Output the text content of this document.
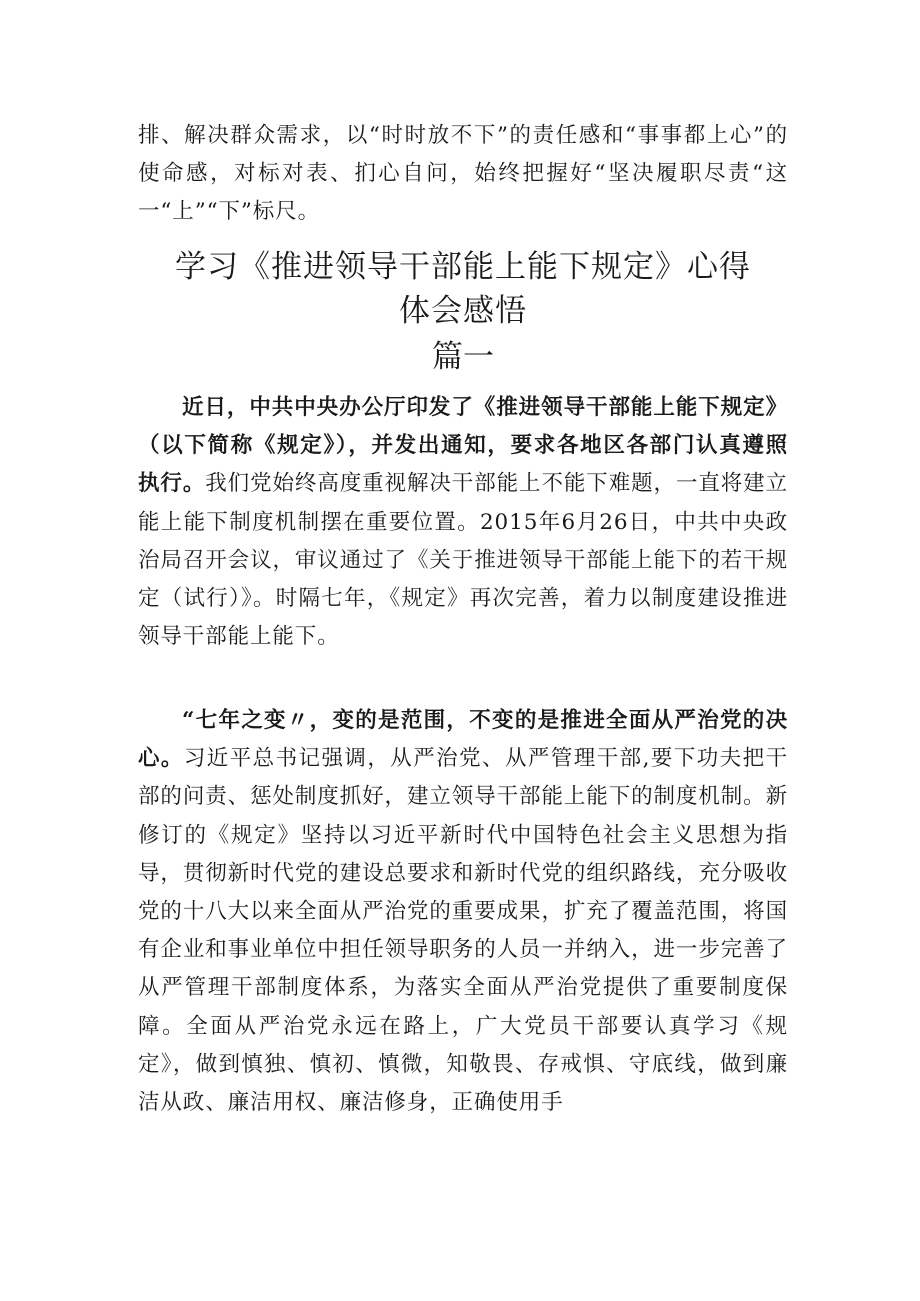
排、解决群众需求，以“时时放不下”的责任感和“事事都上心”的使命感，对标对表、扪心自问，始终把握好“坚决履职尽责“这一“上”“下”标尺。

学习《推进领导干部能上能下规定》心得
体会感悟
篇一

近日，中共中央办公厅印发了《推进领导干部能上能下规定》（以下简称《规定》），并发出通知，要求各地区各部门认真遵照执行。我们党始终高度重视解决干部能上不能下难题，一直将建立能上能下制度机制摆在重要位置。2015年6月26日，中共中央政治局召开会议，审议通过了《关于推进领导干部能上能下的若干规定（试行）》。时隔七年，《规定》再次完善，着力以制度建设推进领导干部能上能下。

“七年之变〃，变的是范围，不变的是推进全面从严治党的决心。习近平总书记强调，从严治党、从严管理干部,要下功夫把干部的问责、惩处制度抓好，建立领导干部能上能下的制度机制。新修订的《规定》坚持以习近平新时代中国特色社会主义思想为指导，贯彻新时代党的建设总要求和新时代党的组织路线，充分吸收党的十八大以来全面从严治党的重要成果，扩充了覆盖范围，将国有企业和事业单位中担任领导职务的人员一并纳入，进一步完善了从严管理干部制度体系，为落实全面从严治党提供了重要制度保障。全面从严治党永远在路上，广大党员干部要认真学习《规定》，做到慎独、慎初、慎微，知敬畏、存戒惧、守底线，做到廉洁从政、廉洁用权、廉洁修身，正确使用手
